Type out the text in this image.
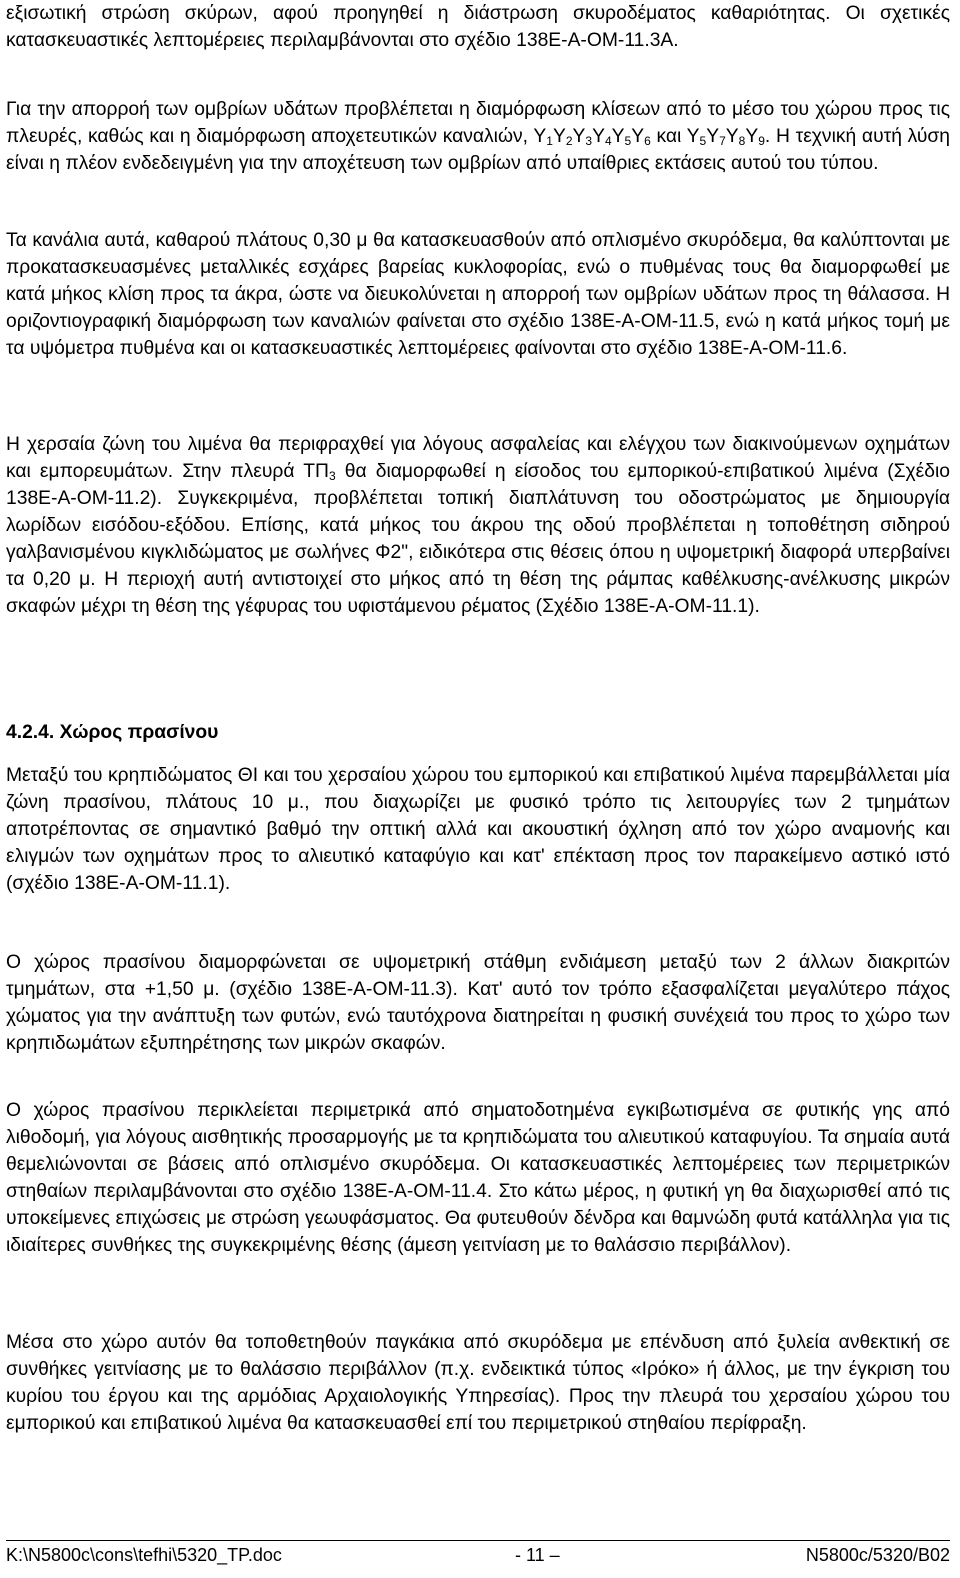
εξισωτική στρώση σκύρων, αφού προηγηθεί η διάστρωση σκυροδέματος καθαριότητας. Οι σχετικές κατασκευαστικές λεπτομέρειες περιλαμβάνονται στο σχέδιο 138Ε-Α-ΟΜ-11.3Α.

Για την απορροή των ομβρίων υδάτων προβλέπεται η διαμόρφωση κλίσεων από το μέσο του χώρου προς τις πλευρές, καθώς και η διαμόρφωση αποχετευτικών καναλιών, $\Upsilon_1\Upsilon_2\Upsilon_3\Upsilon_4\Upsilon_5\Upsilon_6$ και $\Upsilon_5\Upsilon_7\Upsilon_8\Upsilon_9$. Η τεχνική αυτή λύση είναι η πλέον ενδεδειγμένη για την αποχέτευση των ομβρίων από υπαίθριες εκτάσεις αυτού του τύπου.

Τα κανάλια αυτά, καθαρού πλάτους 0,30 μ θα κατασκευασθούν από οπλισμένο σκυρόδεμα, θα καλύπτονται με προκατασκευασμένες μεταλλικές εσχάρες βαρείας κυκλοφορίας, ενώ ο πυθμένας τους θα διαμορφωθεί με κατά μήκος κλίση προς τα άκρα, ώστε να διευκολύνεται η απορροή των ομβρίων υδάτων προς τη θάλασσα. Η οριζοντιογραφική διαμόρφωση των καναλιών φαίνεται στο σχέδιο 138Ε-Α-ΟΜ-11.5, ενώ η κατά μήκος τομή με τα υψόμετρα πυθμένα και οι κατασκευαστικές λεπτομέρειες φαίνονται στο σχέδιο 138Ε-Α-ΟΜ-11.6.

Η χερσαία ζώνη του λιμένα θα περιφραχθεί για λόγους ασφαλείας και ελέγχου των διακινούμενων οχημάτων και εμπορευμάτων. Στην πλευρά $T\Pi_3$ θα διαμορφωθεί η είσοδος του εμπορικού-επιβατικού λιμένα (Σχέδιο 138Ε-Α-ΟΜ-11.2). Συγκεκριμένα, προβλέπεται τοπική διαπλάτυνση του οδοστρώματος με δημιουργία λωρίδων εισόδου-εξόδου. Επίσης, κατά μήκος του άκρου της οδού προβλέπεται η τοποθέτηση σιδηρού γαλβανισμένου κιγκλιδώματος με σωλήνες Φ2", ειδικότερα στις θέσεις όπου η υψομετρική διαφορά υπερβαίνει τα 0,20 μ. Η περιοχή αυτή αντιστοιχεί στο μήκος από τη θέση της ράμπας καθέλκυσης-ανέλκυσης μικρών σκαφών μέχρι τη θέση της γέφυρας του υφιστάμενου ρέματος (Σχέδιο 138Ε-Α-ΟΜ-11.1).

4.2.4. Χώρος πρασίνου

Μεταξύ του κρηπιδώματος ΘΙ και του χερσαίου χώρου του εμπορικού και επιβατικού λιμένα παρεμβάλλεται μία ζώνη πρασίνου, πλάτους 10 μ., που διαχωρίζει με φυσικό τρόπο τις λειτουργίες των 2 τμημάτων αποτρέποντας σε σημαντικό βαθμό την οπτική αλλά και ακουστική όχληση από τον χώρο αναμονής και ελιγμών των οχημάτων προς το αλιευτικό καταφύγιο και κατ' επέκταση προς τον παρακείμενο αστικό ιστό (σχέδιο 138Ε-Α-ΟΜ-11.1).

Ο χώρος πρασίνου διαμορφώνεται σε υψομετρική στάθμη ενδιάμεση μεταξύ των 2 άλλων διακριτών τμημάτων, στα +1,50 μ. (σχέδιο 138Ε-Α-ΟΜ-11.3). Κατ' αυτό τον τρόπο εξασφαλίζεται μεγαλύτερο πάχος χώματος για την ανάπτυξη των φυτών, ενώ ταυτόχρονα διατηρείται η φυσική συνέχειά του προς το χώρο των κρηπιδωμάτων εξυπηρέτησης των μικρών σκαφών.

Ο χώρος πρασίνου περικλείεται περιμετρικά από σηματοδοτημένα εγκιβωτισμένα σε φυτικής γης από λιθοδομή, για λόγους αισθητικής προσαρμογής με τα κρηπιδώματα του αλιευτικού καταφυγίου. Τα σημαία αυτά θεμελιώνονται σε βάσεις από οπλισμένο σκυρόδεμα. Οι κατασκευαστικές λεπτομέρειες των περιμετρικών στηθαίων περιλαμβάνονται στο σχέδιο 138Ε-Α-ΟΜ-11.4. Στο κάτω μέρος, η φυτική γη θα διαχωρισθεί από τις υποκείμενες επιχώσεις με στρώση γεωυφάσματος. Θα φυτευθούν δένδρα και θαμνώδη φυτά κατάλληλα για τις ιδιαίτερες συνθήκες της συγκεκριμένης θέσης (άμεση γειτνίαση με το θαλάσσιο περιβάλλον).

Μέσα στο χώρο αυτόν θα τοποθετηθούν παγκάκια από σκυρόδεμα με επένδυση από ξυλεία ανθεκτική σε συνθήκες γειτνίασης με το θαλάσσιο περιβάλλον (π.χ. ενδεικτικά τύπος «Ιρόκο» ή άλλος, με την έγκριση του κυρίου του έργου και της αρμόδιας Αρχαιολογικής Υπηρεσίας). Προς την πλευρά του χερσαίου χώρου του εμπορικού και επιβατικού λιμένα θα κατασκευασθεί επί του περιμετρικού στηθαίου περίφραξη.

K:\N5800c\cons\tefhi\5320_TP.doc	- 11 –	N5800c/5320/B02
